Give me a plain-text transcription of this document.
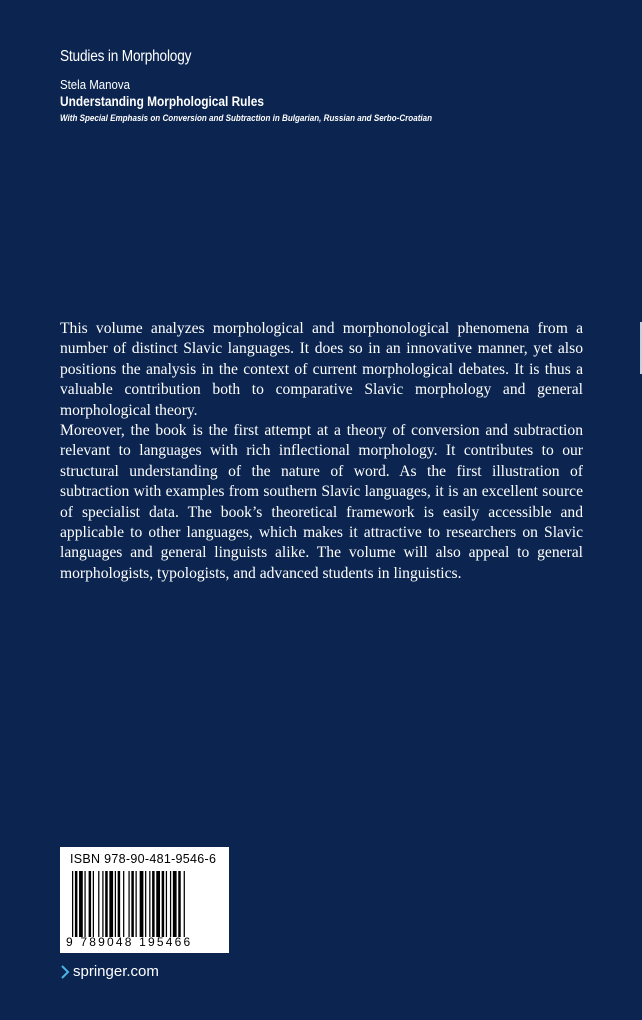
Studies in Morphology
Stela Manova
Understanding Morphological Rules
With Special Emphasis on Conversion and Subtraction in Bulgarian, Russian and Serbo-Croatian

This volume analyzes morphological and morphonological phenomena from a number of distinct Slavic languages. It does so in an innovative manner, yet also positions the analysis in the context of current morphological debates. It is thus a valuable contribution both to comparative Slavic morphology and general morphological theory.

Moreover, the book is the first attempt at a theory of conversion and subtraction relevant to languages with rich inflectional morphology. It contributes to our structural understanding of the nature of word. As the first illustration of subtraction with examples from southern Slavic languages, it is an excellent source of specialist data. The book’s theoretical framework is easily accessible and applicable to other languages, which makes it attractive to researchers on Slavic languages and general linguists alike. The volume will also appeal to general morphologists, typologists, and advanced students in linguistics.

ISBN 978-90-481-9546-6
9 789048 195466
springer.com
